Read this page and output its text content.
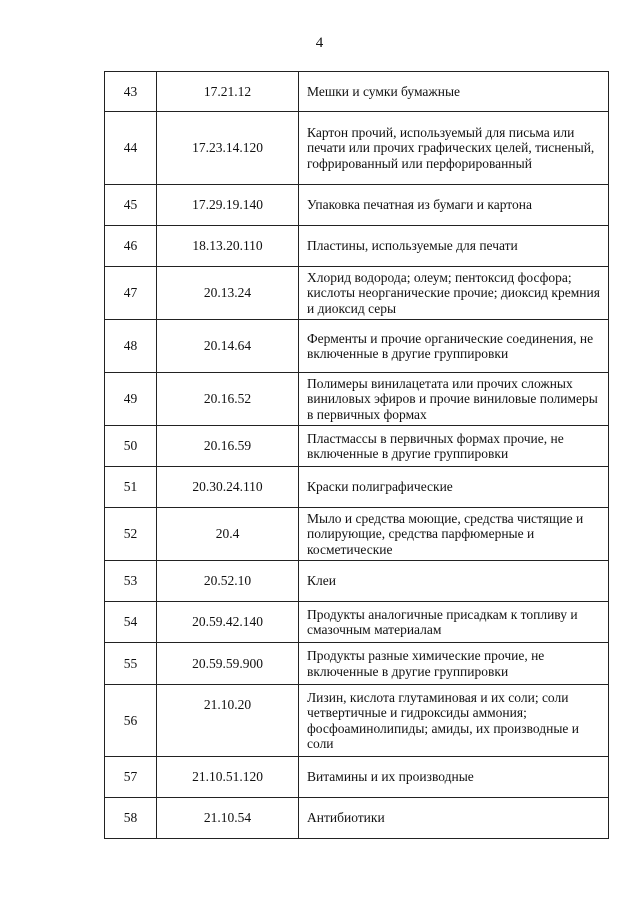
4
43	17.21.12	Мешки и сумки бумажные
44	17.23.14.120	Картон прочий, используемый для письма или печати или прочих графических целей, тисненый, гофрированный или перфорированный
45	17.29.19.140	Упаковка печатная из бумаги и картона
46	18.13.20.110	Пластины, используемые для печати
47	20.13.24	Хлорид водорода; олеум; пентоксид фосфора; кислоты неорганические прочие; диоксид кремния и диоксид серы
48	20.14.64	Ферменты и прочие органические соединения, не включенные в другие группировки
49	20.16.52	Полимеры винилацетата или прочих сложных виниловых эфиров и прочие виниловые полимеры в первичных формах
50	20.16.59	Пластмассы в первичных формах прочие, не включенные в другие группировки
51	20.30.24.110	Краски полиграфические
52	20.4	Мыло и средства моющие, средства чистящие и полирующие, средства парфюмерные и косметические
53	20.52.10	Клеи
54	20.59.42.140	Продукты аналогичные присадкам к топливу и смазочным материалам
55	20.59.59.900	Продукты разные химические прочие, не включенные в другие группировки
56	21.10.20	Лизин, кислота глутаминовая и их соли; соли четвертичные и гидроксиды аммония; фосфоаминолипиды; амиды, их производные и соли
57	21.10.51.120	Витамины и их производные
58	21.10.54	Антибиотики
